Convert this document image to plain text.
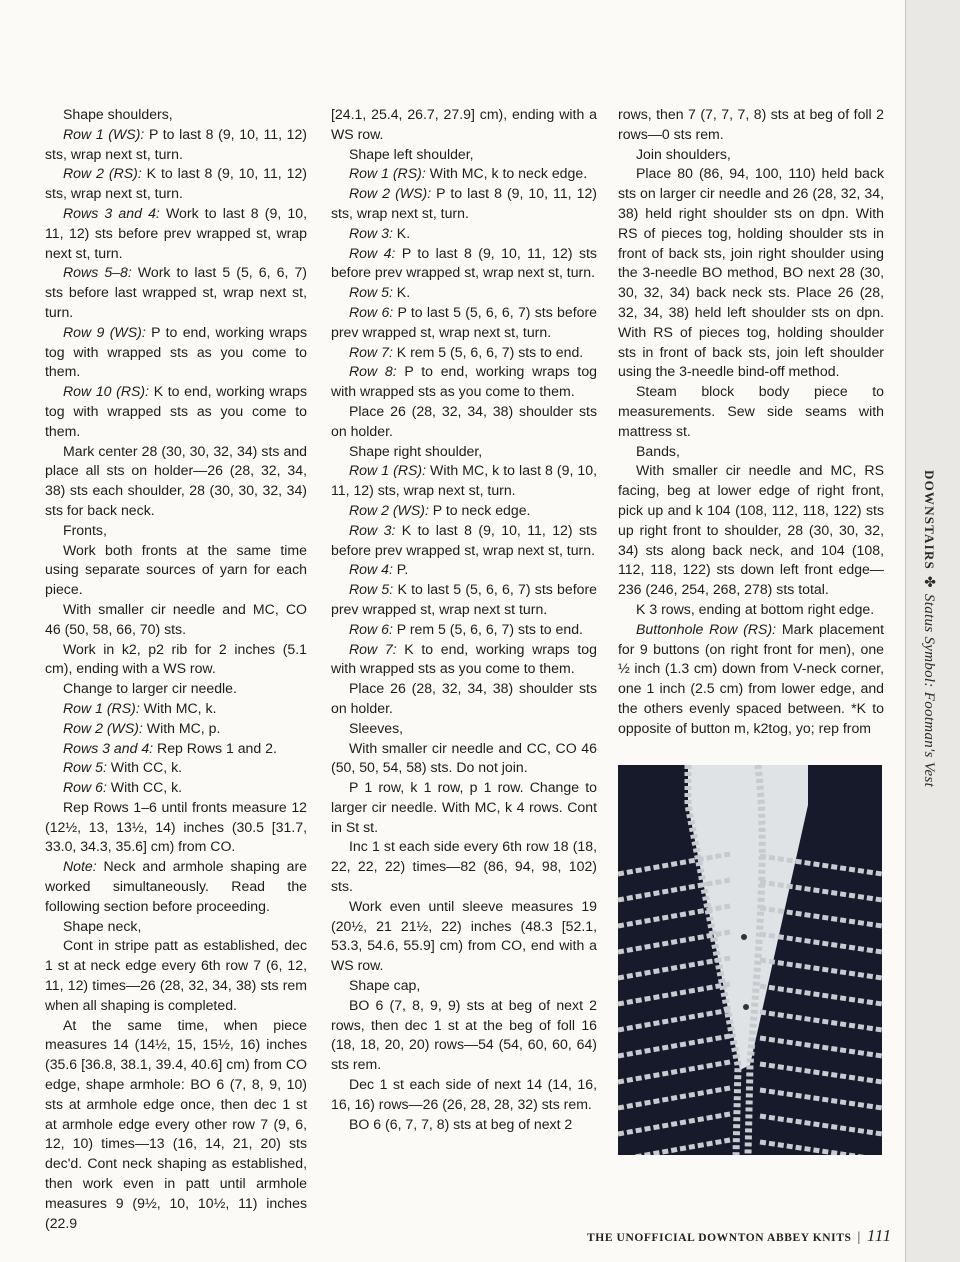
Shape shoulders,

Row 1 (WS): P to last 8 (9, 10, 11, 12) sts, wrap next st, turn.

Row 2 (RS): K to last 8 (9, 10, 11, 12) sts, wrap next st, turn.

Rows 3 and 4: Work to last 8 (9, 10, 11, 12) sts before prev wrapped st, wrap next st, turn.

Rows 5–8: Work to last 5 (5, 6, 6, 7) sts before last wrapped st, wrap next st, turn.

Row 9 (WS): P to end, working wraps tog with wrapped sts as you come to them.

Row 10 (RS): K to end, working wraps tog with wrapped sts as you come to them.

Mark center 28 (30, 30, 32, 34) sts and place all sts on holder—26 (28, 32, 34, 38) sts each shoulder, 28 (30, 30, 32, 34) sts for back neck.

Fronts,

Work both fronts at the same time using separate sources of yarn for each piece.

With smaller cir needle and MC, CO 46 (50, 58, 66, 70) sts.

Work in k2, p2 rib for 2 inches (5.1 cm), ending with a WS row.

Change to larger cir needle.

Row 1 (RS): With MC, k.

Row 2 (WS): With MC, p.

Rows 3 and 4: Rep Rows 1 and 2.

Row 5: With CC, k.

Row 6: With CC, k.

Rep Rows 1–6 until fronts measure 12 (12½, 13, 13½, 14) inches (30.5 [31.7, 33.0, 34.3, 35.6] cm) from CO.

Note: Neck and armhole shaping are worked simultaneously. Read the following section before proceeding.

Shape neck,

Cont in stripe patt as established, dec 1 st at neck edge every 6th row 7 (6, 12, 11, 12) times—26 (28, 32, 34, 38) sts rem when all shaping is completed.

At the same time, when piece measures 14 (14½, 15, 15½, 16) inches (35.6 [36.8, 38.1, 39.4, 40.6] cm) from CO edge, shape armhole: BO 6 (7, 8, 9, 10) sts at armhole edge once, then dec 1 st at armhole edge every other row 7 (9, 6, 12, 10) times—13 (16, 14, 21, 20) sts dec'd. Cont neck shaping as established, then work even in patt until armhole measures 9 (9½, 10, 10½, 11) inches (22.9

[24.1, 25.4, 26.7, 27.9] cm), ending with a WS row.

Shape left shoulder,

Row 1 (RS): With MC, k to neck edge.

Row 2 (WS): P to last 8 (9, 10, 11, 12) sts, wrap next st, turn.

Row 3: K.

Row 4: P to last 8 (9, 10, 11, 12) sts before prev wrapped st, wrap next st, turn.

Row 5: K.

Row 6: P to last 5 (5, 6, 6, 7) sts before prev wrapped st, wrap next st, turn.

Row 7: K rem 5 (5, 6, 6, 7) sts to end.

Row 8: P to end, working wraps tog with wrapped sts as you come to them.

Place 26 (28, 32, 34, 38) shoulder sts on holder.

Shape right shoulder,

Row 1 (RS): With MC, k to last 8 (9, 10, 11, 12) sts, wrap next st, turn.

Row 2 (WS): P to neck edge.

Row 3: K to last 8 (9, 10, 11, 12) sts before prev wrapped st, wrap next st, turn.

Row 4: P.

Row 5: K to last 5 (5, 6, 6, 7) sts before prev wrapped st, wrap next st turn.

Row 6: P rem 5 (5, 6, 6, 7) sts to end.

Row 7: K to end, working wraps tog with wrapped sts as you come to them.

Place 26 (28, 32, 34, 38) shoulder sts on holder.

Sleeves,

With smaller cir needle and CC, CO 46 (50, 50, 54, 58) sts. Do not join.

P 1 row, k 1 row, p 1 row. Change to larger cir needle. With MC, k 4 rows. Cont in St st.

Inc 1 st each side every 6th row 18 (18, 22, 22, 22) times—82 (86, 94, 98, 102) sts.

Work even until sleeve measures 19 (20½, 21 21½, 22) inches (48.3 [52.1, 53.3, 54.6, 55.9] cm) from CO, end with a WS row.

Shape cap,

BO 6 (7, 8, 9, 9) sts at beg of next 2 rows, then dec 1 st at the beg of foll 16 (18, 18, 20, 20) rows—54 (54, 60, 60, 64) sts rem.

Dec 1 st each side of next 14 (14, 16, 16, 16) rows—26 (26, 28, 28, 32) sts rem.

BO 6 (6, 7, 7, 8) sts at beg of next 2

rows, then 7 (7, 7, 7, 8) sts at beg of foll 2 rows—0 sts rem.

Join shoulders,

Place 80 (86, 94, 100, 110) held back sts on larger cir needle and 26 (28, 32, 34, 38) held right shoulder sts on dpn. With RS of pieces tog, holding shoulder sts in front of back sts, join right shoulder using the 3-needle BO method, BO next 28 (30, 30, 32, 34) back neck sts. Place 26 (28, 32, 34, 38) held left shoulder sts on dpn. With RS of pieces tog, holding shoulder sts in front of back sts, join left shoulder using the 3-needle bind-off method.

Steam block body piece to measurements. Sew side seams with mattress st.

Bands,

With smaller cir needle and MC, RS facing, beg at lower edge of right front, pick up and k 104 (108, 112, 118, 122) sts up right front to shoulder, 28 (30, 30, 32, 34) sts along back neck, and 104 (108, 112, 118, 122) sts down left front edge—236 (246, 254, 268, 278) sts total.

K 3 rows, ending at bottom right edge.

Buttonhole Row (RS): Mark placement for 9 buttons (on right front for men), one ½ inch (1.3 cm) down from V-neck corner, one 1 inch (2.5 cm) from lower edge, and the others evenly spaced between. *K to opposite of button m, k2tog, yo; rep from

DOWNSTAIRS✤Status Symbol: Footman's Vest
THE UNOFFICIAL DOWNTON ABBEY KNITS | 111
